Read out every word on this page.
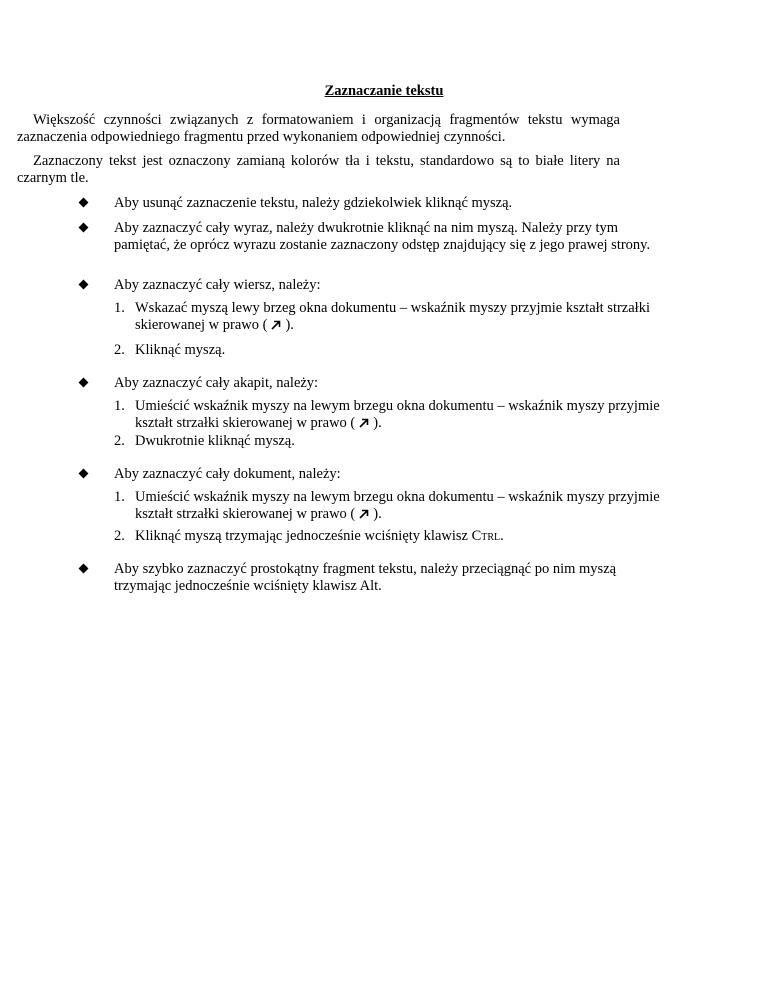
Zaznaczanie tekstu
Większość czynności związanych z formatowaniem i organizacją fragmentów tekstu wymaga zaznaczenia odpowiedniego fragmentu przed wykonaniem odpowiedniej czynności.
Zaznaczony tekst jest oznaczony zamianą kolorów tła i tekstu, standardowo są to białe litery na czarnym tle.
Aby usunąć zaznaczenie tekstu, należy gdziekolwiek kliknąć myszą.
Aby zaznaczyć cały wyraz, należy dwukrotnie kliknąć na nim myszą. Należy przy tym pamiętać, że oprócz wyrazu zostanie zaznaczony odstęp znajdujący się z jego prawej strony.
Aby zaznaczyć cały wiersz, należy:
1. Wskazać myszą lewy brzeg okna dokumentu – wskaźnik myszy przyjmie kształt strzałki skierowanej w prawo ( ).
2. Kliknąć myszą.
Aby zaznaczyć cały akapit, należy:
1. Umieścić wskaźnik myszy na lewym brzegu okna dokumentu – wskaźnik myszy przyjmie kształt strzałki skierowanej w prawo ( ).
2. Dwukrotnie kliknąć myszą.
Aby zaznaczyć cały dokument, należy:
1. Umieścić wskaźnik myszy na lewym brzegu okna dokumentu – wskaźnik myszy przyjmie kształt strzałki skierowanej w prawo ( ).
2. Kliknąć myszą trzymając jednocześnie wciśnięty klawisz Ctrl.
Aby szybko zaznaczyć prostokątny fragment tekstu, należy przeciągnąć po nim myszą trzymając jednocześnie wciśnięty klawisz Alt.
